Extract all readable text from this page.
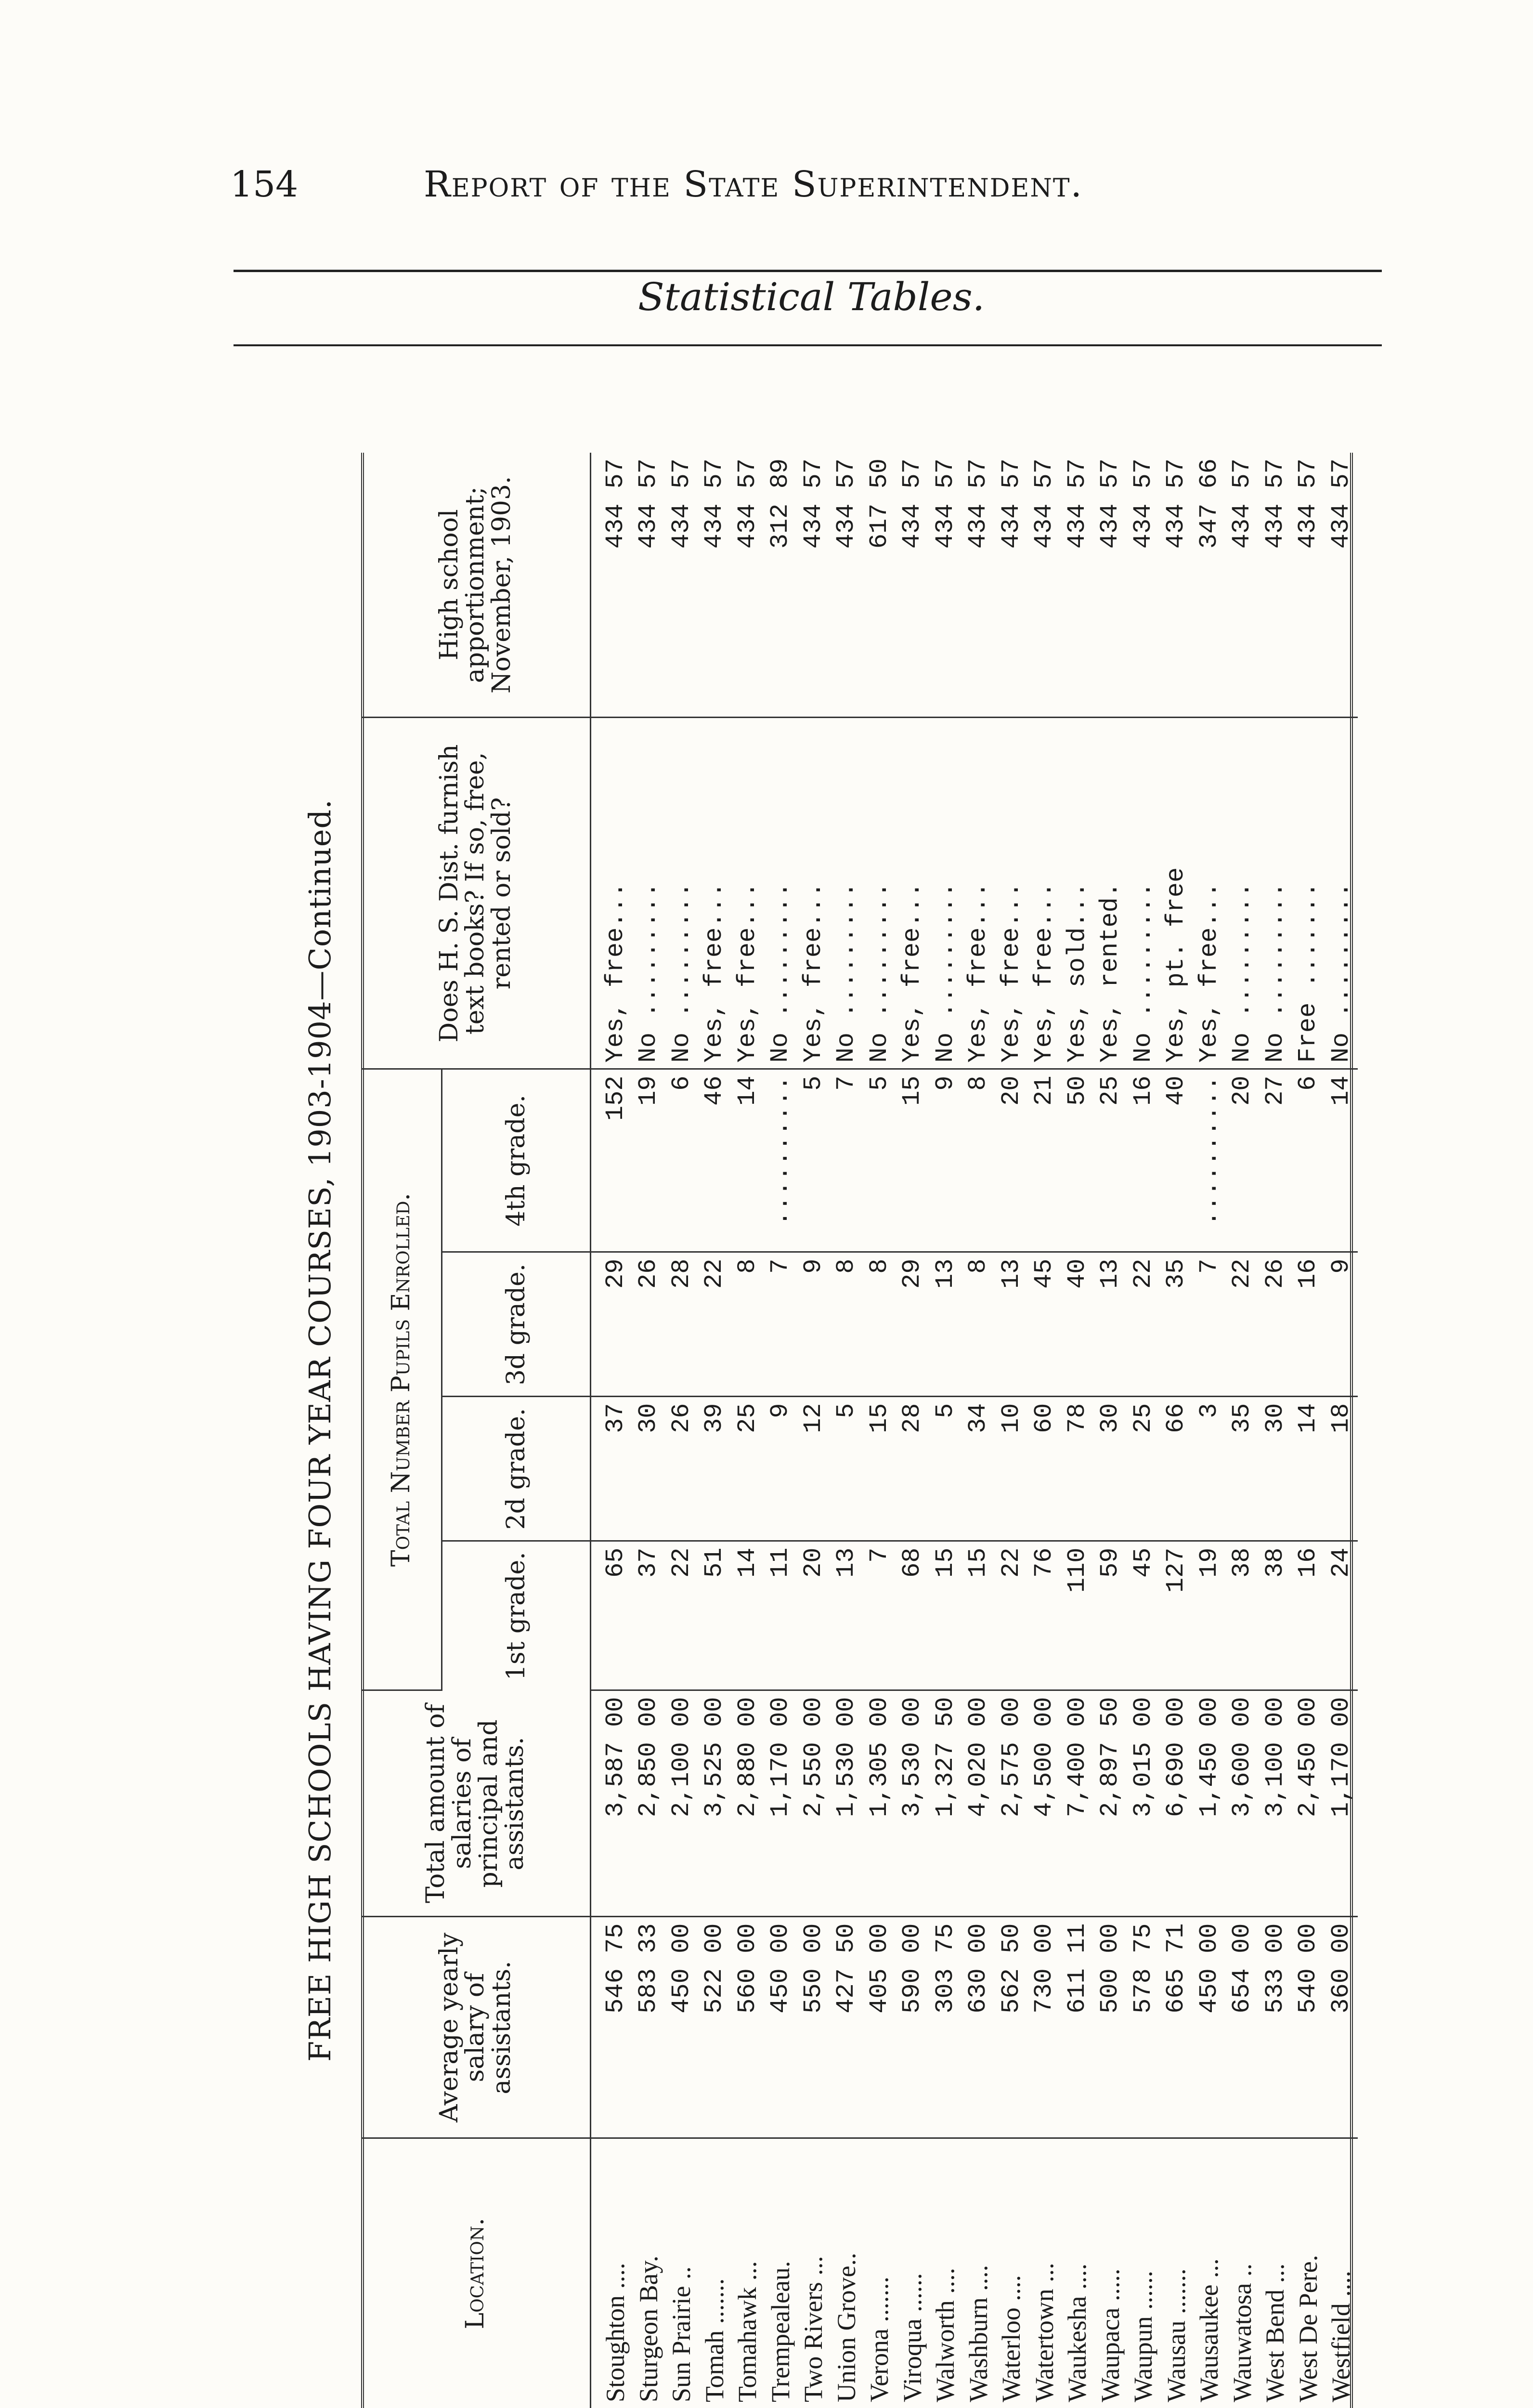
154	Report of the State Superintendent.
Statistical Tables.
FREE HIGH SCHOOLS HAVING FOUR YEAR COURSES, 1903-1904—Continued.
Location.	Average yearly salary of assistants.	Total amount of salaries of principal and assistants.	Total Number Pupils Enrolled.				Does H. S. Dist. furnish text books? If so, free, rented or sold?	High school apportionment; November, 1903.
			1st grade.	2d grade.	3d grade.	4th grade.		
Stoughton ....	546 75	3,587 00	65	37	29	152	Yes, free...	434 57
Sturgeon Bay.	583 33	2,850 00	37	30	26	19	No .........	434 57
Sun Prairie ..	450 00	2,100 00	22	26	28	6	No .........	434 57
Tomah .......	522 00	3,525 00	51	39	22	46	Yes, free...	434 57
Tomahawk ...	560 00	2,880 00	14	25	8	14	Yes, free...	434 57
Trempealeau.	450 00	1,170 00	11	9	7	..........	No .........	312 89
Two Rivers ...	550 00	2,550 00	20	12	9	5	Yes, free...	434 57
Union Grove..	427 50	1,530 00	13	5	8	7	No .........	434 57
Verona .......	405 00	1,305 00	7	15	8	5	No .........	617 50
Viroqua ......	590 00	3,530 00	68	28	29	15	Yes, free...	434 57
Walworth ....	303 75	1,327 50	15	5	13	9	No .........	434 57
Washburn ....	630 00	4,020 00	15	34	8	8	Yes, free...	434 57
Waterloo ....	562 50	2,575 00	22	10	13	20	Yes, free...	434 57
Watertown ...	730 00	4,500 00	76	60	45	21	Yes, free...	434 57
Waukesha ....	611 11	7,400 00	110	78	40	50	Yes, sold...	434 57
Waupaca .....	500 00	2,897 50	59	30	13	25	Yes, rented.	434 57
Waupun ......	578 75	3,015 00	45	25	22	16	No .........	434 57
Wausau .......	665 71	6,690 00	127	66	35	40	Yes, pt. free	434 57
Wausaukee ...	450 00	1,450 00	19	3	7	..........	Yes, free...	347 66
Wauwatosa ..	654 00	3,600 00	38	35	22	20	No .........	434 57
West Bend ...	533 00	3,100 00	38	30	26	27	No .........	434 57
West De Pere.	540 00	2,450 00	16	14	16	6	Free .......	434 57
Westfield ....	360 00	1,170 00	24	18	9	14	No .........	434 57
